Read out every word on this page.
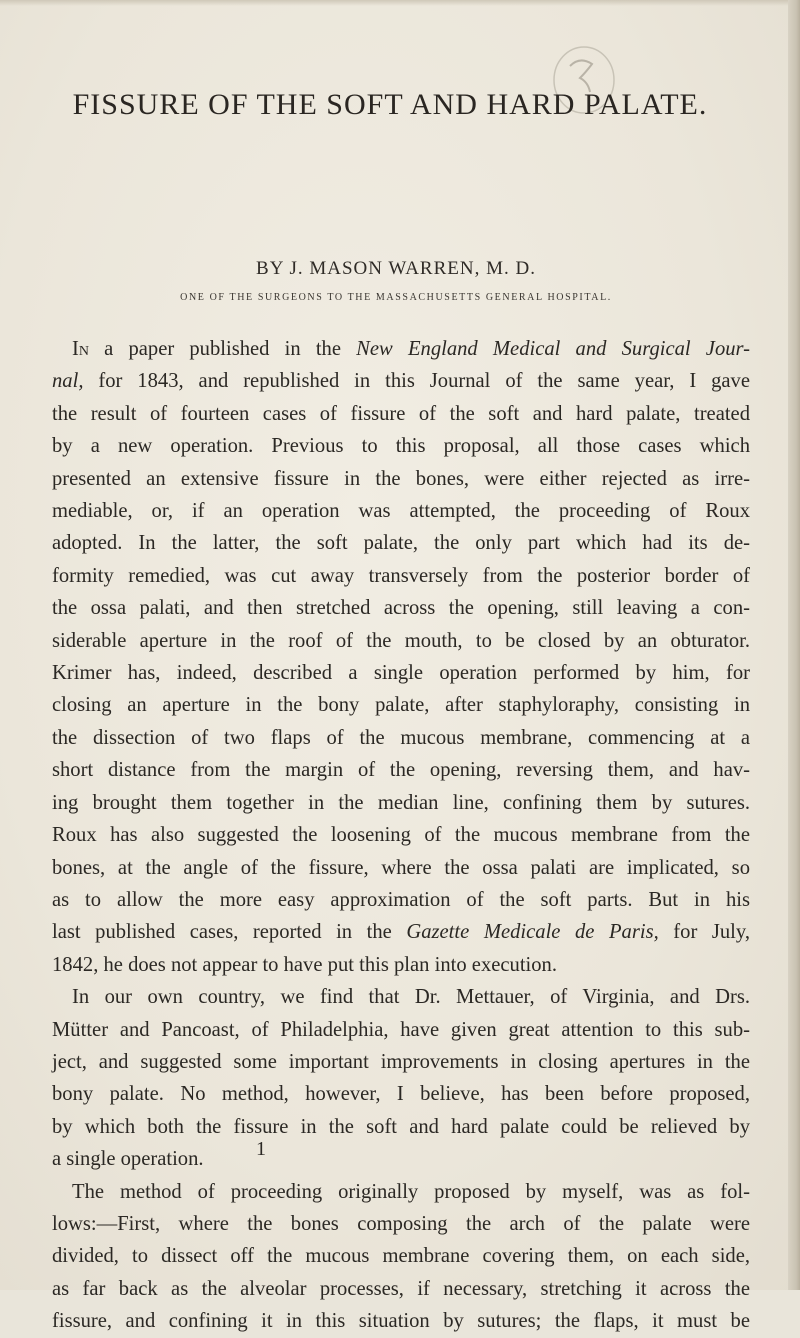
FISSURE OF THE SOFT AND HARD PALATE.
BY J. MASON WARREN, M. D.
ONE OF THE SURGEONS TO THE MASSACHUSETTS GENERAL HOSPITAL.
In a paper published in the New England Medical and Surgical Jour-
nal, for 1843, and republished in this Journal of the same year, I gave
the result of fourteen cases of fissure of the soft and hard palate, treated
by a new operation. Previous to this proposal, all those cases which
presented an extensive fissure in the bones, were either rejected as irre-
mediable, or, if an operation was attempted, the proceeding of Roux
adopted. In the latter, the soft palate, the only part which had its de-
formity remedied, was cut away transversely from the posterior border of
the ossa palati, and then stretched across the opening, still leaving a con-
siderable aperture in the roof of the mouth, to be closed by an obturator.
Krimer has, indeed, described a single operation performed by him, for
closing an aperture in the bony palate, after staphyloraphy, consisting in
the dissection of two flaps of the mucous membrane, commencing at a
short distance from the margin of the opening, reversing them, and hav-
ing brought them together in the median line, confining them by sutures.
Roux has also suggested the loosening of the mucous membrane from the
bones, at the angle of the fissure, where the ossa palati are implicated, so
as to allow the more easy approximation of the soft parts. But in his
last published cases, reported in the Gazette Medicale de Paris, for July,
1842, he does not appear to have put this plan into execution.
In our own country, we find that Dr. Mettauer, of Virginia, and Drs.
Mütter and Pancoast, of Philadelphia, have given great attention to this sub-
ject, and suggested some important improvements in closing apertures in the
bony palate. No method, however, I believe, has been before proposed,
by which both the fissure in the soft and hard palate could be relieved by
a single operation.
The method of proceeding originally proposed by myself, was as fol-
lows:—First, where the bones composing the arch of the palate were
divided, to dissect off the mucous membrane covering them, on each side,
as far back as the alveolar processes, if necessary, stretching it across the
fissure, and confining it in this situation by sutures; the flaps, it must be
1
